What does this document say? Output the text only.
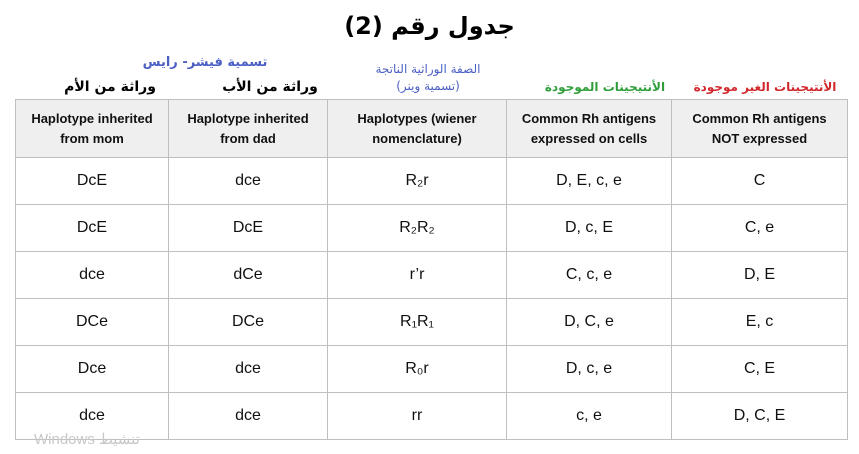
جدول رقم (2)
تسمية فيشر- رايس
وراثة من الأم	وراثة من الأب
الصفة الوراثية الناتجة
(تسمية وينر)	الأنتيجينات الموجودة	الأنتيجينات الغير موجودة
Haplotype inherited from mom	Haplotype inherited from dad	Haplotypes (wiener nomenclature)	Common Rh antigens expressed on cells	Common Rh antigens NOT expressed
DcE	dce	R₂r	D, E, c, e	C
DcE	DcE	R₂R₂	D, c, E	C, e
dce	dCe	r’r	C, c, e	D, E
DCe	DCe	R₁R₁	D, C, e	E, c
Dce	dce	R₀r	D, c, e	C, E
dce	dce	rr	c, e	D, C, E
Windows تنشيط
